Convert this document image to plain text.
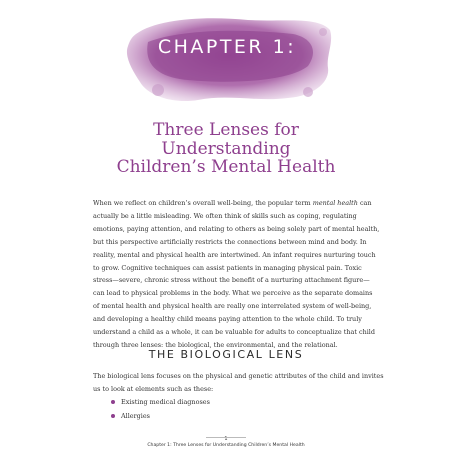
CHAPTER 1:
Three Lenses for
Understanding
Children’s Mental Health
When we reflect on children’s overall well-being, the popular term mental health can
actually be a little misleading. We often think of skills such as coping, regulating
emotions, paying attention, and relating to others as being solely part of mental health,
but this perspective artificially restricts the connections between mind and body. In
reality, mental and physical health are intertwined. An infant requires nurturing touch
to grow. Cognitive techniques can assist patients in managing physical pain. Toxic
stress—severe, chronic stress without the benefit of a nurturing attachment figure—
can lead to physical problems in the body. What we perceive as the separate domains
of mental health and physical health are really one interrelated system of well-being,
and developing a healthy child means paying attention to the whole child. To truly
understand a child as a whole, it can be valuable for adults to conceptualize that child
through three lenses: the biological, the environmental, and the relational.
THE BIOLOGICAL LENS
The biological lens focuses on the physical and genetic attributes of the child and invites
us to look at elements such as these:
Existing medical diagnoses
Allergies
1
Chapter 1: Three Lenses for Understanding Children’s Mental Health
